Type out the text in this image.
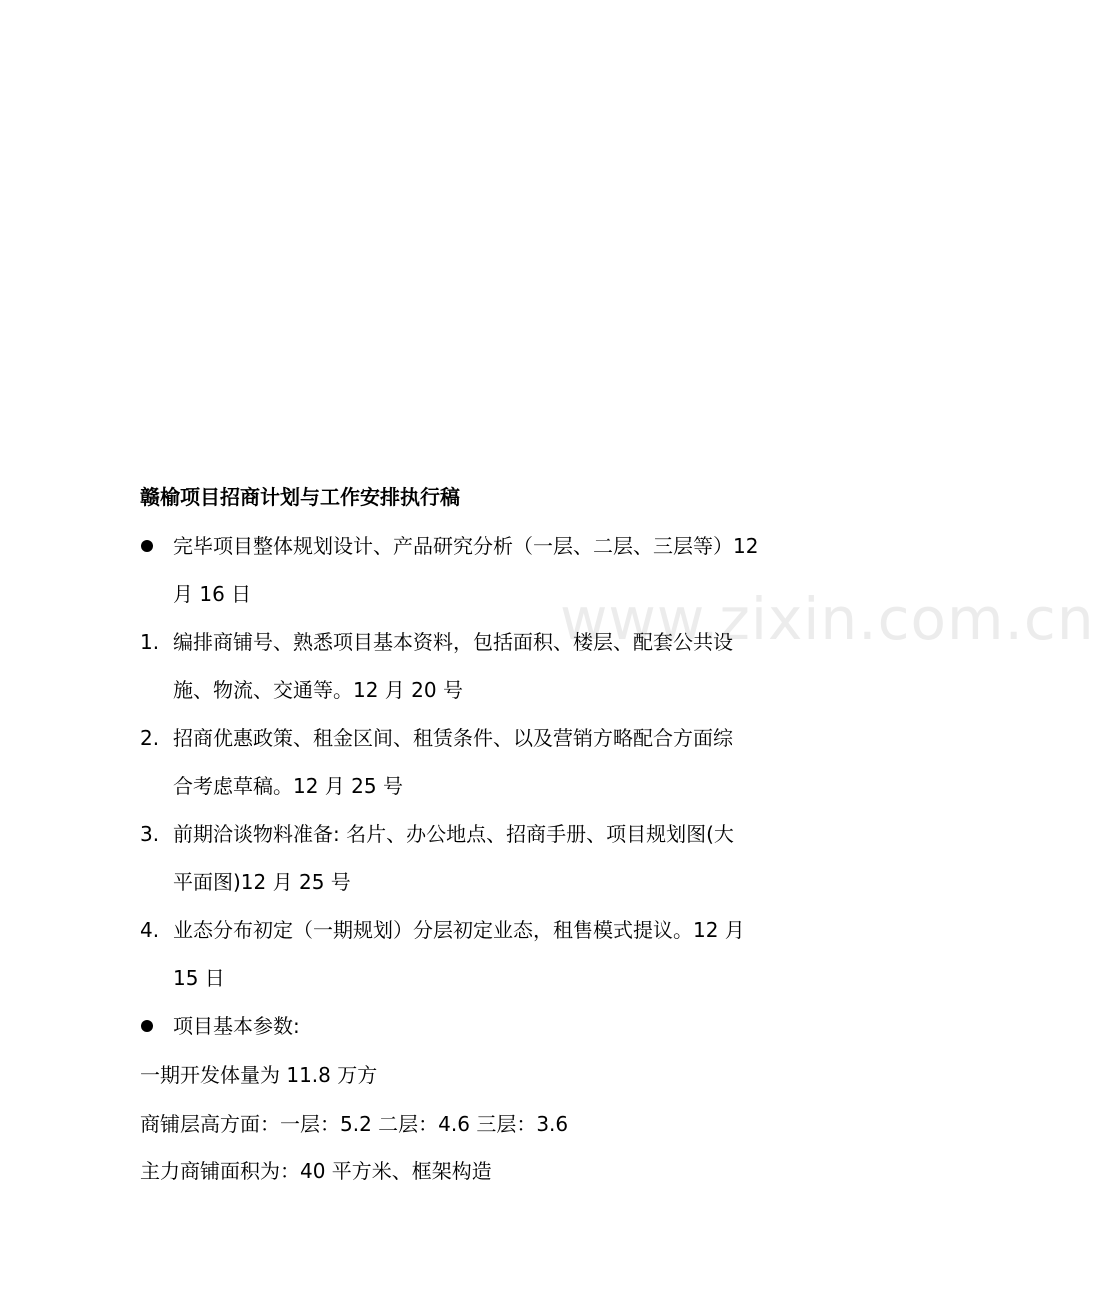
www.zixin.com.cn
赣榆项目招商计划与工作安排执行稿
完毕项目整体规划设计、产品研究分析（一层、二层、三层等）12
月 16 日
1. 编排商铺号、熟悉项目基本资料，包括面积、楼层、配套公共设
施、物流、交通等。12 月 20 号
2. 招商优惠政策、租金区间、租赁条件、以及营销方略配合方面综
合考虑草稿。12 月 25 号
3. 前期洽谈物料准备: 名片、办公地点、招商手册、项目规划图(大
平面图)12 月 25 号
4. 业态分布初定（一期规划）分层初定业态，租售模式提议。12 月
15 日
项目基本参数:
一期开发体量为 11.8 万方
商铺层高方面：一层：5.2 二层：4.6 三层：3.6
主力商铺面积为：40 平方米、框架构造
